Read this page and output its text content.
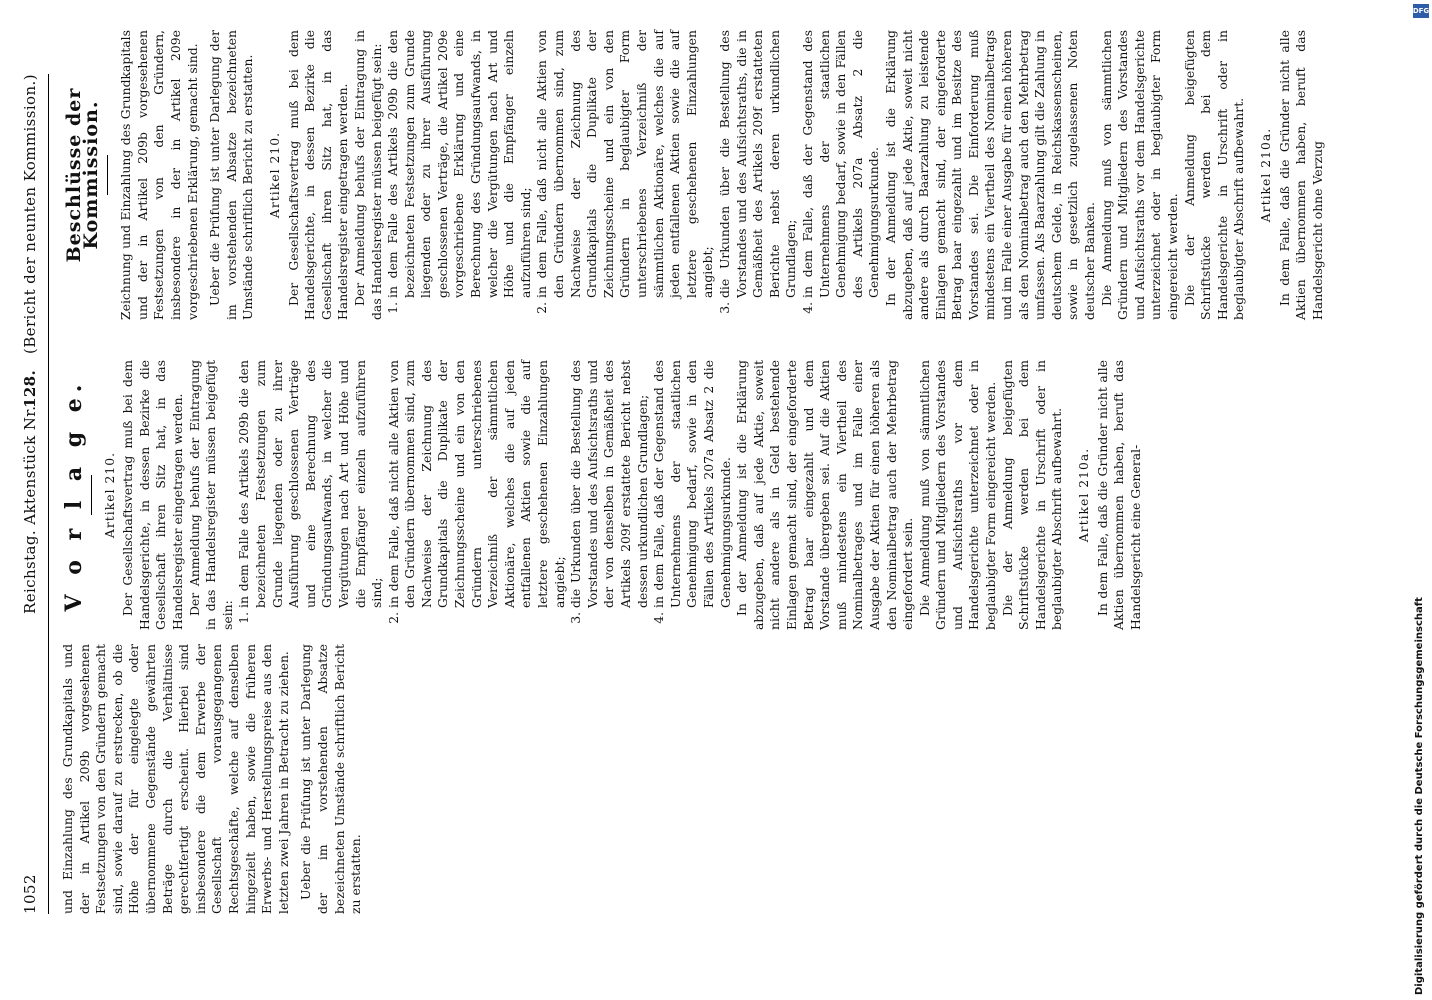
1052
Reichstag. Aktenstück Nr.
128.
(Bericht der neunten Kommission.)

und Einzahlung des Grundkapitals und der in Artikel 209b vorgesehenen Festsetzungen von den Gründern gemacht sind, sowie darauf zu erstrecken, ob die Höhe der für eingelegte oder übernommene Gegenstände gewährten Beträge durch die Verhältnisse gerechtfertigt erscheint. Hierbei sind insbesondere die dem Erwerbe der Gesellschaft vorausgegangenen Rechtsgeschäfte, welche auf denselben hingezielt haben, sowie die früheren Erwerbs- und Herstellungspreise aus den letzten zwei Jahren in Betracht zu ziehen. Ueber die Prüfung ist unter Darlegung der im vorstehenden Absatze bezeichneten Umstände schriftlich Bericht zu erstatten.

V o r l a g e. Artikel 210. Der Gesellschaftsvertrag muß bei dem Handelsgerichte, in dessen Bezirke die Gesellschaft ihren Sitz hat, in das Handelsregister eingetragen werden. Der Anmeldung behufs der Eintragung in das Handelsregister müssen beigefügt sein:

1. in dem Falle des Artikels 209b die den bezeichneten Festsetzungen zum Grunde liegenden oder zu ihrer Ausführung geschlossenen Verträge und eine Berechnung des Gründungsaufwands, in welcher die Vergütungen nach Art und Höhe und die Empfänger einzeln aufzuführen sind; 2. in dem Falle, daß nicht alle Aktien von den Gründern übernommen sind, zum Nachweise der Zeichnung des Grundkapitals die Duplikate der Zeichnungsscheine und ein von den Gründern unterschriebenes Verzeichniß der sämmtlichen Aktionäre, welches die auf jeden entfallenen Aktien sowie die auf letztere geschehenen Einzahlungen angiebt; 3. die Urkunden über die Bestellung des Vorstandes und des Aufsichtsraths und der von denselben in Gemäßheit des Artikels 209f erstattete Bericht nebst dessen urkundlichen Grundlagen; 4. in dem Falle, daß der Gegenstand des Unternehmens der staatlichen Genehmigung bedarf, sowie in den Fällen des Artikels 207a Absatz 2 die Genehmigungsurkunde. In der Anmeldung ist die Erklärung abzugeben, daß auf jede Aktie, soweit nicht andere als in Geld bestehende Einlagen gemacht sind, der eingeforderte Betrag baar eingezahlt und dem Vorstande übergeben sei. Auf die Aktien muß mindestens ein Viertheil des Nominalbetrages und im Falle einer Ausgabe der Aktien für einen höheren als den Nominalbetrag auch der Mehrbetrag eingefordert sein. Die Anmeldung muß von sämmtlichen Gründern und Mitgliedern des Vorstandes und Aufsichtsraths vor dem Handelsgerichte unterzeichnet oder in beglaubigter Form eingereicht werden. Die der Anmeldung beigefügten Schriftstücke werden bei dem Handelsgerichte in Urschrift oder in beglaubigter Abschrift aufbewahrt. Artikel 210a. In dem Falle, daß die Gründer nicht alle Aktien übernommen haben, beruft das Handelsgericht eine General-

Beschlüsse der Kommission. Zeichnung und Einzahlung des Grundkapitals und der in Artikel 209b vorgesehenen Festsetzungen von den Gründern, insbesondere in der in Artikel 209e vorgeschriebenen Erklärung, gemacht sind. Ueber die Prüfung ist unter Darlegung der im vorstehenden Absatze bezeichneten Umstände schriftlich Bericht zu erstatten. Artikel 210. Der Gesellschaftsvertrag muß bei dem Handelsgerichte, in dessen Bezirke die Gesellschaft ihren Sitz hat, in das Handelsregister eingetragen werden. Der Anmeldung behufs der Eintragung in das Handelsregister müssen beigefügt sein: 1. in dem Falle des Artikels 209b die den bezeichneten Festsetzungen zum Grunde liegenden oder zu ihrer Ausführung geschlossenen Verträge, die Artikel 209e vorgeschriebene Erklärung und eine Berechnung des Gründungsaufwands, in welcher die Vergütungen nach Art und Höhe und die Empfänger einzeln aufzuführen sind; 2. in dem Falle, daß nicht alle Aktien von den Gründern übernommen sind, zum Nachweise der Zeichnung des Grundkapitals die Duplikate der Zeichnungsscheine und ein von den Gründern in beglaubigter Form unterschriebenes Verzeichniß der sämmtlichen Aktionäre, welches die auf jeden entfallenen Aktien sowie die auf letztere geschehenen Einzahlungen angiebt; 3. die Urkunden über die Bestellung des Vorstandes und des Aufsichtsraths, die in Gemäßheit des Artikels 209f erstatteten Berichte nebst deren urkundlichen Grundlagen; 4. in dem Falle, daß der Gegenstand des Unternehmens der staatlichen Genehmigung bedarf, sowie in den Fällen des Artikels 207a Absatz 2 die Genehmigungsurkunde. In der Anmeldung ist die Erklärung abzugeben, daß auf jede Aktie, soweit nicht andere als durch Baarzahlung zu leistende Einlagen gemacht sind, der eingeforderte Betrag baar eingezahlt und im Besitze des Vorstandes sei. Die Einforderung muß mindestens ein Viertheil des Nominalbetrags und im Falle einer Ausgabe für einen höheren als den Nominalbetrag auch den Mehrbetrag umfassen. Als Baarzahlung gilt die Zahlung in deutschem Gelde, in Reichskassenscheinen, sowie in gesetzlich zugelassenen Noten deutscher Banken. Die Anmeldung muß von sämmtlichen Gründern und Mitgliedern des Vorstandes und Aufsichtsraths vor dem Handelsgerichte unterzeichnet oder in beglaubigter Form eingereicht werden. Die der Anmeldung beigefügten Schriftstücke werden bei dem Handelsgerichte in Urschrift oder in beglaubigter Abschrift aufbewahrt. Artikel 210a. In dem Falle, daß die Gründer nicht alle Aktien übernommen haben, beruft das Handelsgericht ohne Verzug

DFG
Digitalisierung gefördert durch die Deutsche Forschungsgemeinschaft
